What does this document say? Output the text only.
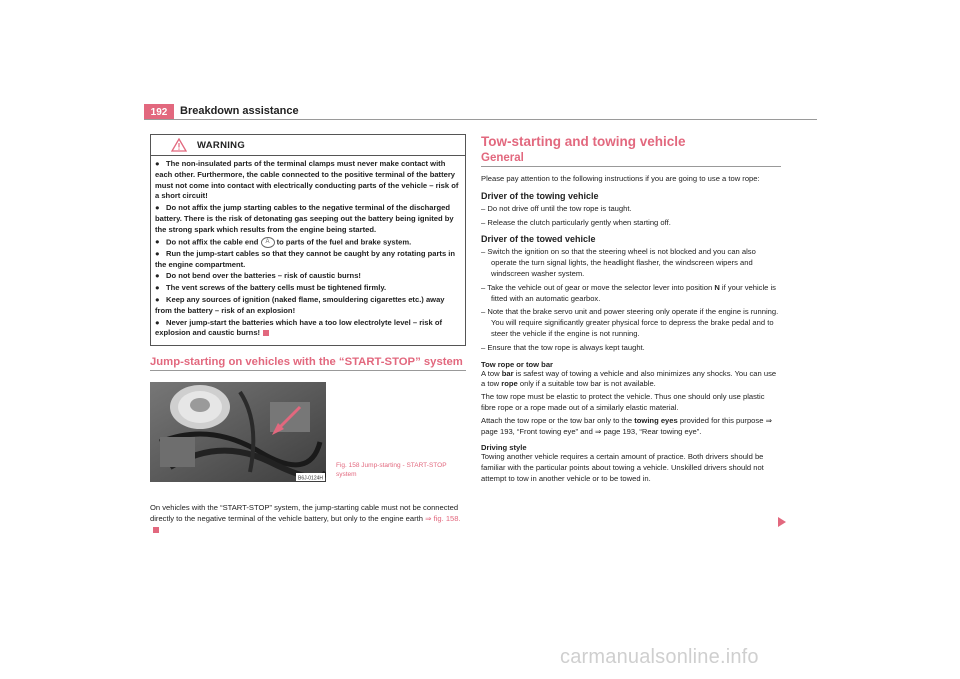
192	Breakdown assistance
WARNING

● The non-insulated parts of the terminal clamps must never make contact with each other. Furthermore, the cable connected to the positive terminal of the battery must not come into contact with electrically conducting parts of the vehicle – risk of a short circuit!

● Do not affix the jump starting cables to the negative terminal of the discharged battery. There is the risk of detonating gas seeping out the battery being ignited by the strong spark which results from the engine being started.

● Do not affix the cable end A to parts of the fuel and brake system.

● Run the jump-start cables so that they cannot be caught by any rotating parts in the engine compartment.

● Do not bend over the batteries – risk of caustic burns!

● The vent screws of the battery cells must be tightened firmly.

● Keep any sources of ignition (naked flame, smouldering cigarettes etc.) away from the battery – risk of an explosion!

● Never jump-start the batteries which have a too low electrolyte level – risk of explosion and caustic burns!

Jump-starting on vehicles with the “START-STOP” system
B6J-0124H
Fig. 158 Jump-starting - START-STOP system

On vehicles with the “START-STOP” system, the jump-starting cable must not be connected directly to the negative terminal of the vehicle battery, but only to the engine earth ⇒ fig. 158.

Tow-starting and towing vehicle
General

Please pay attention to the following instructions if you are going to use a tow rope:

Driver of the towing vehicle

– Do not drive off until the tow rope is taught.

– Release the clutch particularly gently when starting off.

Driver of the towed vehicle

– Switch the ignition on so that the steering wheel is not blocked and you can also operate the turn signal lights, the headlight flasher, the windscreen wipers and windscreen washer system.

– Take the vehicle out of gear or move the selector lever into position N if your vehicle is fitted with an automatic gearbox.

– Note that the brake servo unit and power steering only operate if the engine is running. You will require significantly greater physical force to depress the brake pedal and to steer the vehicle if the engine is not running.

– Ensure that the tow rope is always kept taught.

Tow rope or tow bar

A tow bar is safest way of towing a vehicle and also minimizes any shocks. You can use a tow rope only if a suitable tow bar is not available.

The tow rope must be elastic to protect the vehicle. Thus one should only use plastic fibre rope or a rope made out of a similarly elastic material.

Attach the tow rope or the tow bar only to the towing eyes provided for this purpose ⇒ page 193, “Front towing eye” and ⇒ page 193, “Rear towing eye”.

Driving style

Towing another vehicle requires a certain amount of practice. Both drivers should be familiar with the particular points about towing a vehicle. Unskilled drivers should not attempt to tow in another vehicle or to be towed in.

carmanualsonline.info
